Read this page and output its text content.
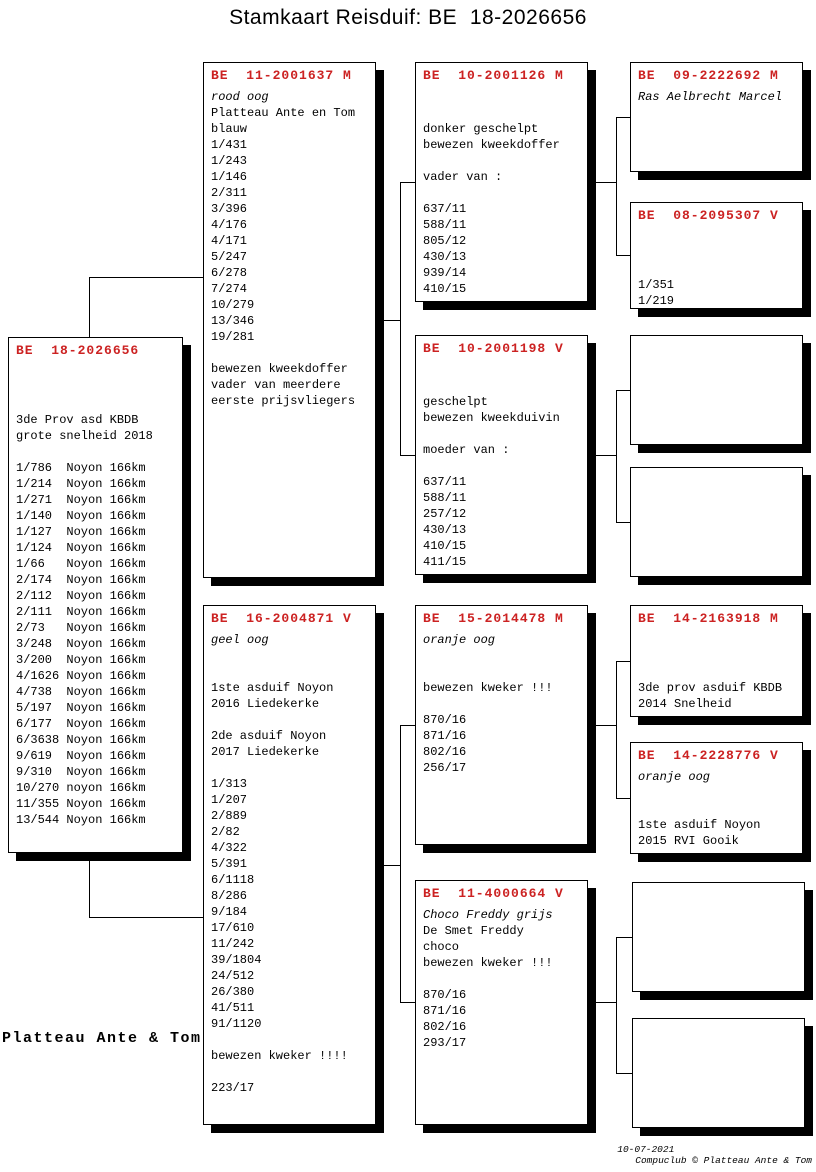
Stamkaart Reisduif: BE  18-2026656
BE  18-2026656

3de Prov asd KBDB
grote snelheid 2018

1/786  Noyon 166km
1/214  Noyon 166km
1/271  Noyon 166km
1/140  Noyon 166km
1/127  Noyon 166km
1/124  Noyon 166km
1/66   Noyon 166km
2/174  Noyon 166km
2/112  Noyon 166km
2/111  Noyon 166km
2/73   Noyon 166km
3/248  Noyon 166km
3/200  Noyon 166km
4/1626 Noyon 166km
4/738  Noyon 166km
5/197  Noyon 166km
6/177  Noyon 166km
6/3638 Noyon 166km
9/619  Noyon 166km
9/310  Noyon 166km
10/270 noyon 166km
11/355 Noyon 166km
13/544 Noyon 166km
BE  11-2001637 M
rood oog
Platteau Ante en Tom
blauw
1/431
1/243
1/146
2/311
3/396
4/176
4/171
5/247
6/278
7/274
10/279
13/346
19/281

bewezen kweekdoffer
vader van meerdere
eerste prijsvliegers
BE  16-2004871 V
geel oog

1ste asduif Noyon
2016 Liedekerke

2de asduif Noyon
2017 Liedekerke

1/313
1/207
2/889
2/82
4/322
5/391
6/1118
8/286
9/184
17/610
11/242
39/1804
24/512
26/380
41/511
91/1120

bewezen kweker !!!!

223/17
BE  10-2001126 M

donker geschelpt
bewezen kweekdoffer

vader van :

637/11
588/11
805/12
430/13
939/14
410/15
BE  10-2001198 V

geschelpt
bewezen kweekduivin

moeder van :

637/11
588/11
257/12
430/13
410/15
411/15
BE  15-2014478 M
oranje oog

bewezen kweker !!!

870/16
871/16
802/16
256/17
BE  11-4000664 V
Choco Freddy grijs
De Smet Freddy
choco
bewezen kweker !!!

870/16
871/16
802/16
293/17
BE  09-2222692 M
Ras Aelbrecht Marcel
BE  08-2095307 V

1/351
1/219
BE  14-2163918 M

3de prov asduif KBDB
2014 Snelheid
BE  14-2228776 V
oranje oog

1ste asduif Noyon
2015 RVI Gooik
Platteau Ante & Tom

10-07-2021
Compuclub © Platteau Ante & Tom
